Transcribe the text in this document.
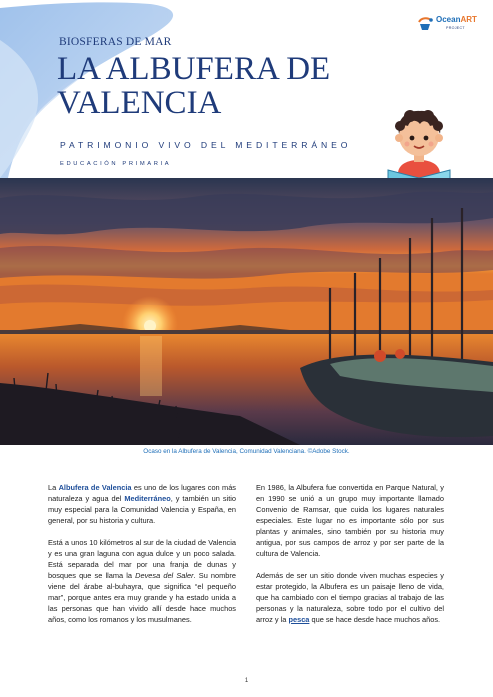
BIOSFERAS DE MAR
LA ALBUFERA DE
VALENCIA
PATRIMONIO VIVO DEL MEDITERRÁNEO
EDUCACIÓN PRIMARIA
OceanART
PROJECT
Ocaso en la Albufera de Valencia, Comunidad Valenciana. ©Adobe Stock.

La Albufera de Valencia es uno de los lugares con más naturaleza y agua del Mediterráneo, y también un sitio muy especial para la Comunidad Valencia y España, en general, por su historia y cultura.

Está a unos 10 kilómetros al sur de la ciudad de Valencia y es una gran laguna con agua dulce y un poco salada. Está separada del mar por una franja de dunas y bosques que se llama la Devesa del Saler. Su nombre viene del árabe al-buhayra, que significa “el pequeño mar”, porque antes era muy grande y ha estado unida a las personas que han vivido allí desde hace muchos años, como los romanos y los musulmanes.

En 1986, la Albufera fue convertida en Parque Natural, y en 1990 se unió a un grupo muy importante llamado Convenio de Ramsar, que cuida los lugares naturales especiales. Este lugar no es importante sólo por sus plantas y animales, sino también por su historia muy antigua, por sus campos de arroz y por ser parte de la cultura de Valencia.

Además de ser un sitio donde viven muchas especies y estar protegido, la Albufera es un paisaje lleno de vida, que ha cambiado con el tiempo gracias al trabajo de las personas y la naturaleza, sobre todo por el cultivo del arroz y la pesca que se hace desde hace muchos años.

1
